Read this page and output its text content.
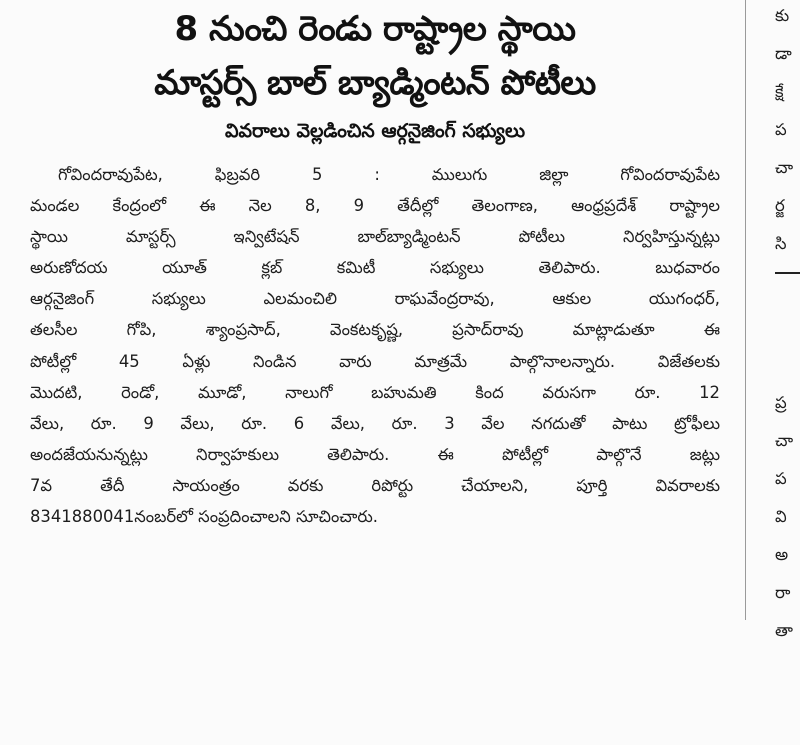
8 నుంచి రెండు రాష్ట్రాల స్థాయి
మాస్టర్స్ బాల్ బ్యాడ్మింటన్ పోటీలు
వివరాలు వెల్లడించిన ఆర్గనైజింగ్ సభ్యులు
గోవిందరావుపేట, ఫిబ్రవరి 5 : ములుగు జిల్లా గోవిందరావుపేట
మండల కేంద్రంలో ఈ నెల 8, 9 తేదీల్లో తెలంగాణ, ఆంధ్రప్రదేశ్ రాష్ట్రాల
స్థాయి మాస్టర్స్ ఇన్విటేషన్ బాల్‌బ్యాడ్మింటన్ పోటీలు నిర్వహిస్తున్నట్లు
అరుణోదయ యూత్ క్లబ్ కమిటీ సభ్యులు తెలిపారు. బుధవారం
ఆర్గనైజింగ్ సభ్యులు ఎలమంచిలి రాఘవేంద్రరావు, ఆకుల యుగంధర్,
తలసీల గోపి, శ్యాంప్రసాద్, వెంకటకృష్ణ, ప్రసాద్‌రావు మాట్లాడుతూ ఈ
పోటీల్లో 45 ఏళ్లు నిండిన వారు మాత్రమే పాల్గొనాలన్నారు. విజేతలకు
మొదటి, రెండో, మూడో, నాలుగో బహుమతి కింద వరుసగా రూ. 12
వేలు, రూ. 9 వేలు, రూ. 6 వేలు, రూ. 3 వేల నగదుతో పాటు ట్రోఫీలు
అందజేయనున్నట్లు నిర్వాహకులు తెలిపారు. ఈ పోటీల్లో పాల్గొనే జట్లు
7వ తేదీ సాయంత్రం వరకు రిపోర్టు చేయాలని, పూర్తి వివరాలకు
8341880041నంబర్‌లో సంప్రదించాలని సూచించారు.
కు
డా
క్షే
ప
చా
ర్జ
సి
ప్ర
చా
ప
వి
అ
రా
తా
